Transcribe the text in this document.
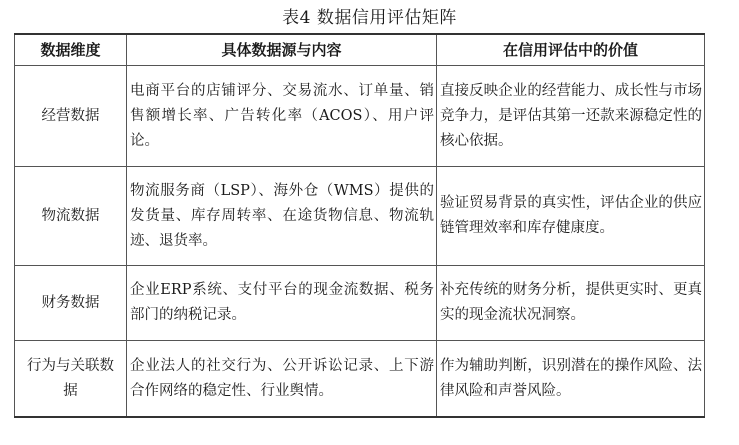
表4 数据信用评估矩阵
数据维度	具体数据源与内容	在信用评估中的价值
经营数据	电商平台的店铺评分、交易流水、订单量、销售额增长率、广告转化率（ACOS）、用户评论。	直接反映企业的经营能力、成长性与市场竞争力，是评估其第一还款来源稳定性的核心依据。
物流数据	物流服务商（LSP）、海外仓（WMS）提供的发货量、库存周转率、在途货物信息、物流轨迹、退货率。	验证贸易背景的真实性，评估企业的供应链管理效率和库存健康度。
财务数据	企业ERP系统、支付平台的现金流数据、税务部门的纳税记录。	补充传统的财务分析，提供更实时、更真实的现金流状况洞察。
行为与关联数据	企业法人的社交行为、公开诉讼记录、上下游合作网络的稳定性、行业舆情。	作为辅助判断，识别潜在的操作风险、法律风险和声誉风险。
